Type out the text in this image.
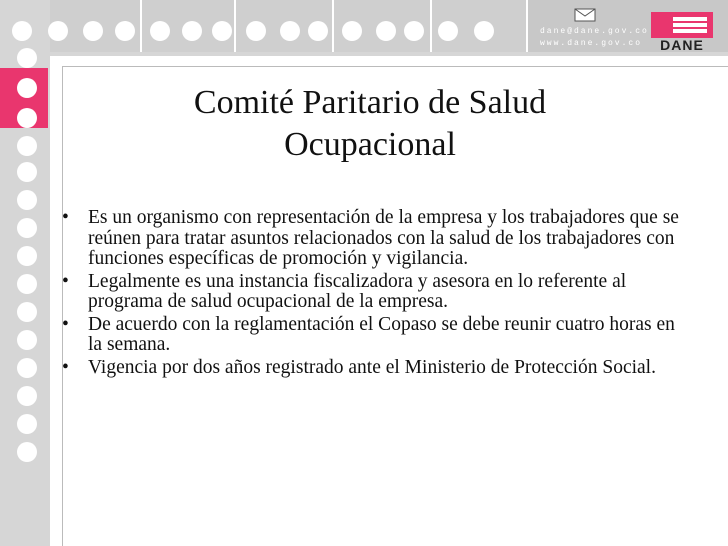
dane@dane.gov.co
www.dane.gov.co	DANE
Comité Paritario de Salud
Ocupacional
• Es un organismo con representación de la empresa y los trabajadores que se reúnen para tratar asuntos relacionados con la salud de los trabajadores con funciones específicas de promoción y vigilancia.
• Legalmente es una instancia fiscalizadora y asesora en lo referente al programa de salud ocupacional de la empresa.
• De acuerdo con la reglamentación el Copaso se debe reunir cuatro horas en la semana.
• Vigencia por dos años registrado ante el Ministerio de Protección Social.
